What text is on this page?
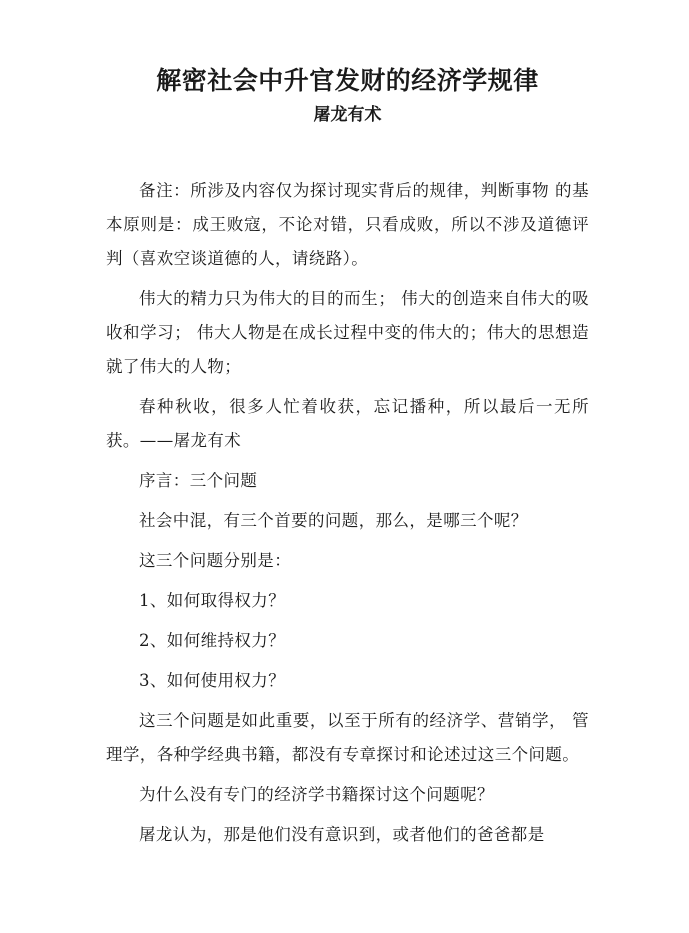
解密社会中升官发财的经济学规律
屠龙有术

备注：所涉及内容仅为探讨现实背后的规律，判断事物 的基本原则是：成王败寇，不论对错，只看成败，所以不涉及道德评判（喜欢空谈道德的人，请绕路）。

伟大的精力只为伟大的目的而生； 伟大的创造来自伟大的吸收和学习； 伟大人物是在成长过程中变的伟大的；伟大的思想造就了伟大的人物；

春种秋收，很多人忙着收获，忘记播种，所以最后一无所获。——屠龙有术

序言：三个问题

社会中混，有三个首要的问题，那么，是哪三个呢？

这三个问题分别是：

1、如何取得权力？

2、如何维持权力？

3、如何使用权力？

这三个问题是如此重要，以至于所有的经济学、营销学， 管理学，各种学经典书籍，都没有专章探讨和论述过这三个问题。

为什么没有专门的经济学书籍探讨这个问题呢？

屠龙认为，那是他们没有意识到，或者他们的爸爸都是
